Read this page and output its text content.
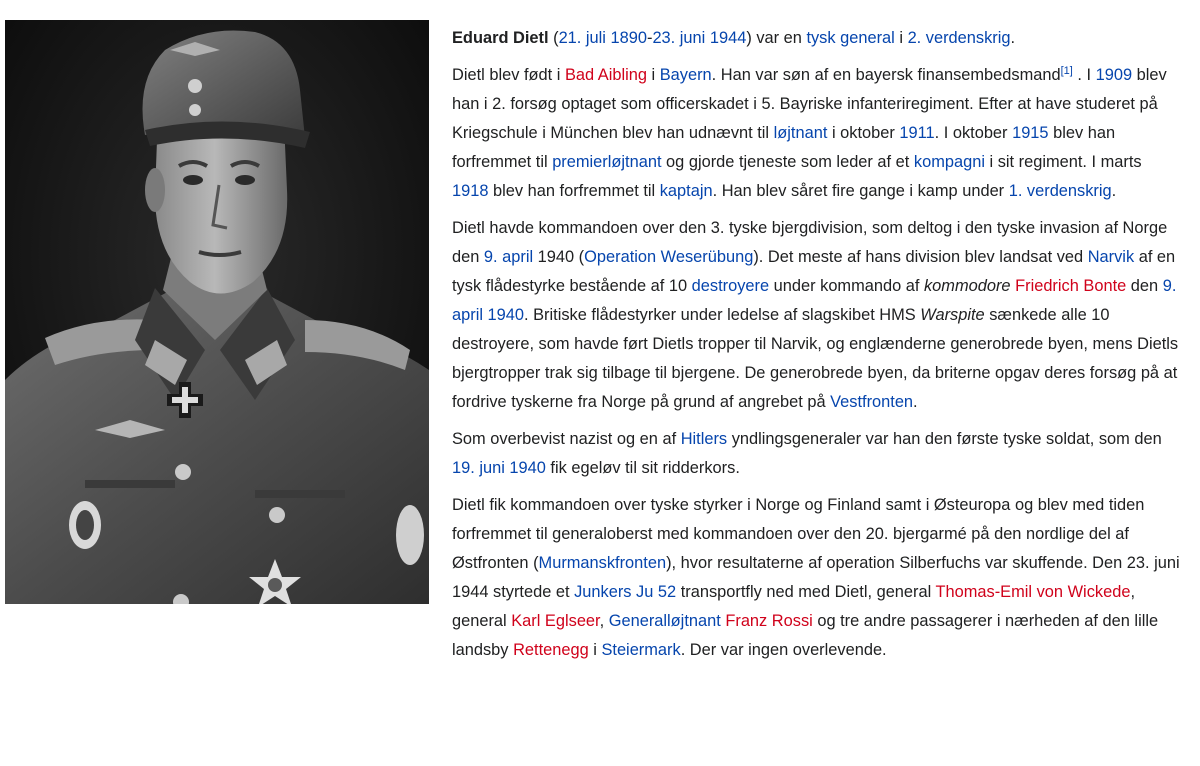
Eduard Dietl (21. juli 1890-23. juni 1944) var en tysk general i 2. verdenskrig.

Dietl blev født i Bad Aibling i Bayern. Han var søn af en bayersk finansembedsmand[1] . I 1909 blev han i 2. forsøg optaget som officerskadet i 5. Bayriske infanteriregiment. Efter at have studeret på Kriegschule i München blev han udnævnt til løjtnant i oktober 1911. I oktober 1915 blev han forfremmet til premierløjtnant og gjorde tjeneste som leder af et kompagni i sit regiment. I marts 1918 blev han forfremmet til kaptajn. Han blev såret fire gange i kamp under 1. verdenskrig.

Dietl havde kommandoen over den 3. tyske bjergdivision, som deltog i den tyske invasion af Norge den 9. april 1940 (Operation Weserübung). Det meste af hans division blev landsat ved Narvik af en tysk flådestyrke bestående af 10 destroyere under kommando af kommodore Friedrich Bonte den 9. april 1940. Britiske flådestyrker under ledelse af slagskibet HMS Warspite sænkede alle 10 destroyere, som havde ført Dietls tropper til Narvik, og englænderne generobrede byen, mens Dietls bjergtropper trak sig tilbage til bjergene. De generobrede byen, da briterne opgav deres forsøg på at fordrive tyskerne fra Norge på grund af angrebet på Vestfronten.

Som overbevist nazist og en af Hitlers yndlingsgeneraler var han den første tyske soldat, som den 19. juni 1940 fik egeløv til sit ridderkors.

Dietl fik kommandoen over tyske styrker i Norge og Finland samt i Østeuropa og blev med tiden forfremmet til generaloberst med kommandoen over den 20. bjergarmé på den nordlige del af Østfronten (Murmanskfronten), hvor resultaterne af operation Silberfuchs var skuffende. Den 23. juni 1944 styrtede et Junkers Ju 52 transportfly ned med Dietl, general Thomas-Emil von Wickede, general Karl Eglseer, Generalløjtnant Franz Rossi og tre andre passagerer i nærheden af den lille landsby Rettenegg i Steiermark. Der var ingen overlevende.
